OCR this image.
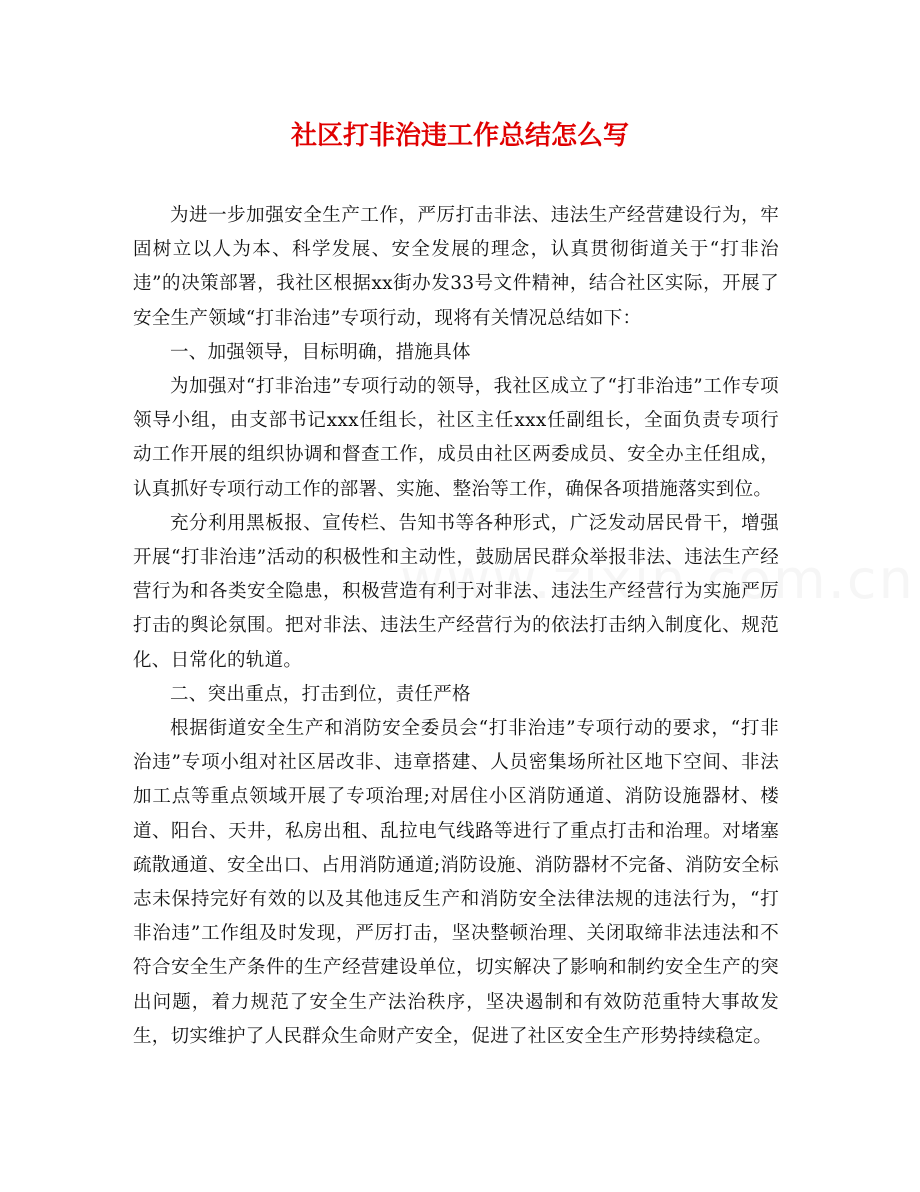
社区打非治违工作总结怎么写

为进一步加强安全生产工作，严厉打击非法、违法生产经营建设行为，牢固树立以人为本、科学发展、安全发展的理念，认真贯彻街道关于“打非治违”的决策部署，我社区根据xx街办发33号文件精神，结合社区实际，开展了安全生产领域“打非治违”专项行动，现将有关情况总结如下：

一、加强领导，目标明确，措施具体

为加强对“打非治违”专项行动的领导，我社区成立了“打非治违”工作专项领导小组，由支部书记xxx任组长，社区主任xxx任副组长，全面负责专项行动工作开展的组织协调和督查工作，成员由社区两委成员、安全办主任组成，认真抓好专项行动工作的部署、实施、整治等工作，确保各项措施落实到位。

充分利用黑板报、宣传栏、告知书等各种形式，广泛发动居民骨干，增强开展“打非治违”活动的积极性和主动性，鼓励居民群众举报非法、违法生产经营行为和各类安全隐患，积极营造有利于对非法、违法生产经营行为实施严厉打击的舆论氛围。把对非法、违法生产经营行为的依法打击纳入制度化、规范化、日常化的轨道。

二、突出重点，打击到位，责任严格

根据街道安全生产和消防安全委员会“打非治违”专项行动的要求，“打非治违”专项小组对社区居改非、违章搭建、人员密集场所社区地下空间、非法加工点等重点领域开展了专项治理;对居住小区消防通道、消防设施器材、楼道、阳台、天井，私房出租、乱拉电气线路等进行了重点打击和治理。对堵塞疏散通道、安全出口、占用消防通道;消防设施、消防器材不完备、消防安全标志未保持完好有效的以及其他违反生产和消防安全法律法规的违法行为，“打非治违”工作组及时发现，严厉打击，坚决整顿治理、关闭取缔非法违法和不符合安全生产条件的生产经营建设单位，切实解决了影响和制约安全生产的突出问题，着力规范了安全生产法治秩序，坚决遏制和有效防范重特大事故发生，切实维护了人民群众生命财产安全，促进了社区安全生产形势持续稳定。
